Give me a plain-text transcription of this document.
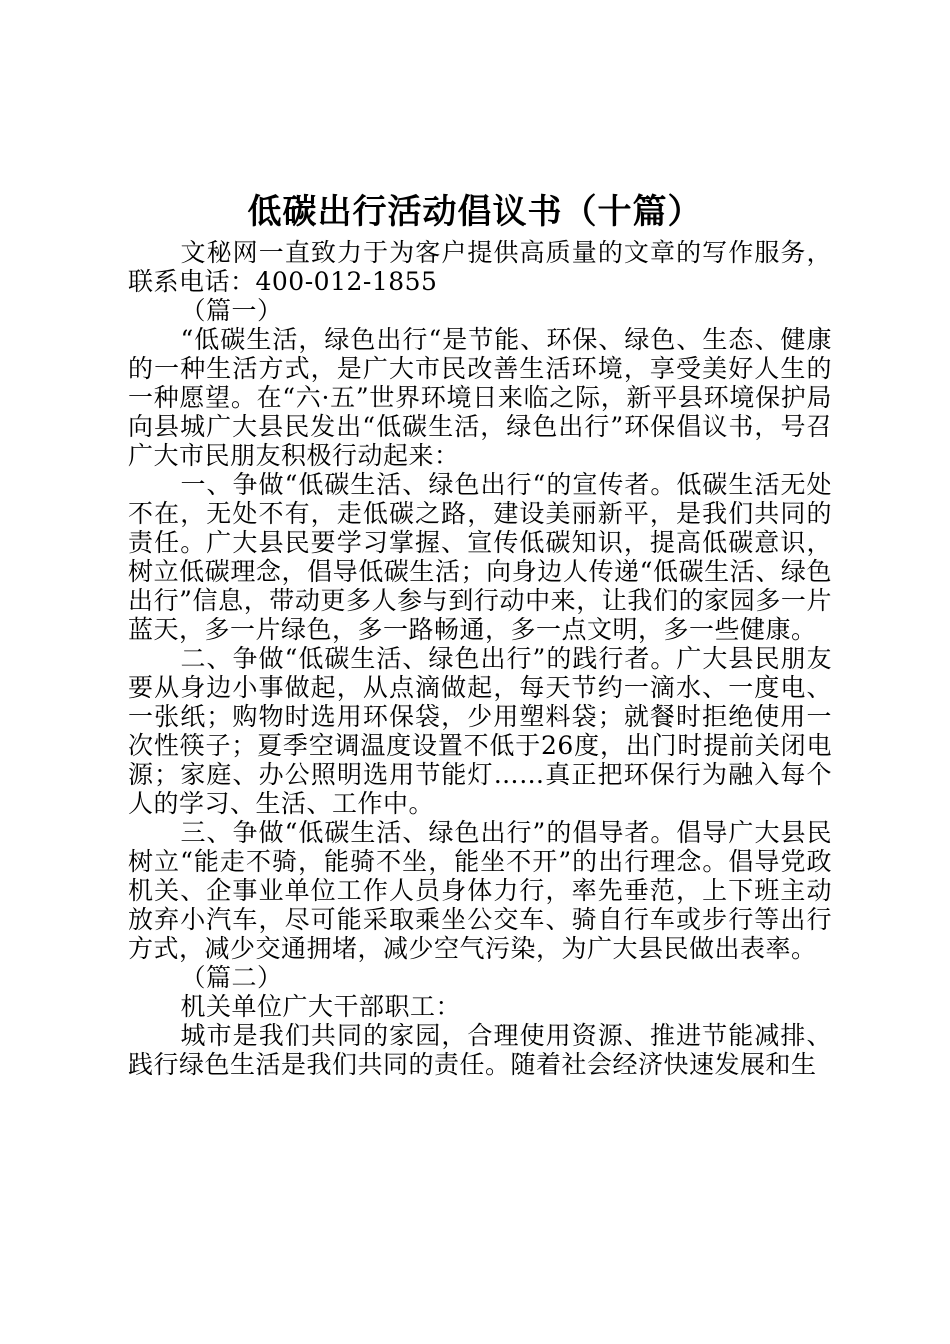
低碳出行活动倡议书（十篇）

文秘网一直致力于为客户提供高质量的文章的写作服务，联系电话：400-012-1855

（篇一）

“低碳生活，绿色出行“是节能、环保、绿色、生态、健康的一种生活方式，是广大市民改善生活环境，享受美好人生的一种愿望。在“六·五”世界环境日来临之际，新平县环境保护局向县城广大县民发出“低碳生活，绿色出行”环保倡议书，号召广大市民朋友积极行动起来：

一、争做“低碳生活、绿色出行“的宣传者。低碳生活无处不在，无处不有，走低碳之路，建设美丽新平，是我们共同的责任。广大县民要学习掌握、宣传低碳知识，提高低碳意识，树立低碳理念，倡导低碳生活；向身边人传递“低碳生活、绿色出行”信息，带动更多人参与到行动中来，让我们的家园多一片蓝天，多一片绿色，多一路畅通，多一点文明，多一些健康。

二、争做“低碳生活、绿色出行”的践行者。广大县民朋友要从身边小事做起，从点滴做起，每天节约一滴水、一度电、一张纸；购物时选用环保袋，少用塑料袋；就餐时拒绝使用一次性筷子；夏季空调温度设置不低于26度，出门时提前关闭电源；家庭、办公照明选用节能灯……真正把环保行为融入每个人的学习、生活、工作中。

三、争做“低碳生活、绿色出行”的倡导者。倡导广大县民树立“能走不骑，能骑不坐，能坐不开”的出行理念。倡导党政机关、企事业单位工作人员身体力行，率先垂范，上下班主动放弃小汽车，尽可能采取乘坐公交车、骑自行车或步行等出行方式，减少交通拥堵，减少空气污染，为广大县民做出表率。

（篇二）

机关单位广大干部职工：

城市是我们共同的家园，合理使用资源、推进节能减排、践行绿色生活是我们共同的责任。随着社会经济快速发展和生
